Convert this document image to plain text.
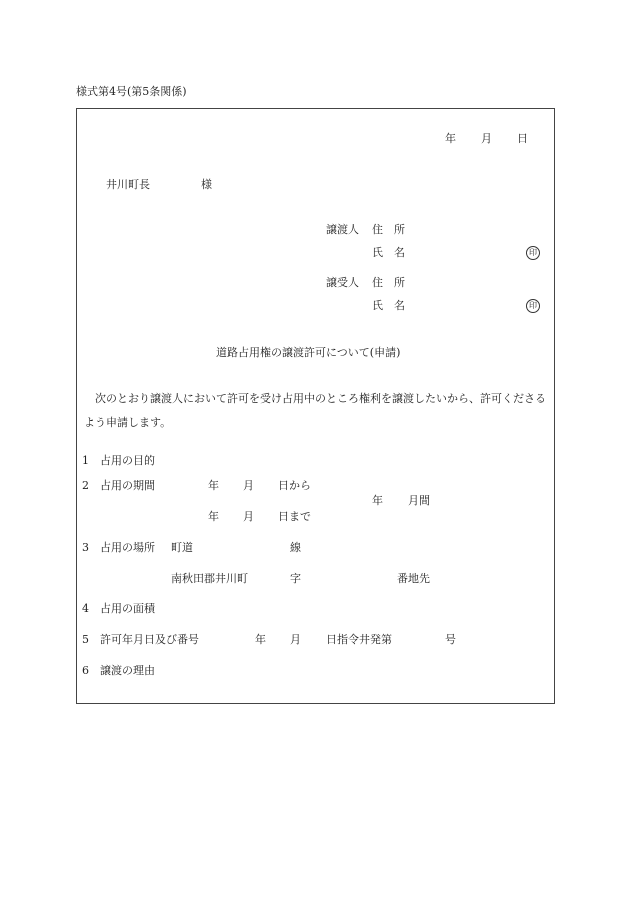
様式第4号(第5条関係)
年 月 日
井川町長	様
譲渡人 住　所
氏　名	印
譲受人 住　所
氏　名	印
道路占用権の譲渡許可について(申請)
次のとおり譲渡人において許可を受け占用中のところ権利を譲渡したいから、許可くださるよう申請します。
1 占用の目的
2 占用の期間	年 月 日から
年 月間
年 月 日まで
3 占用の場所 町道	線
南秋田郡井川町	字	番地先
4 占用の面積
5 許可年月日及び番号	年 月 日指令井発第	号
6 譲渡の理由
